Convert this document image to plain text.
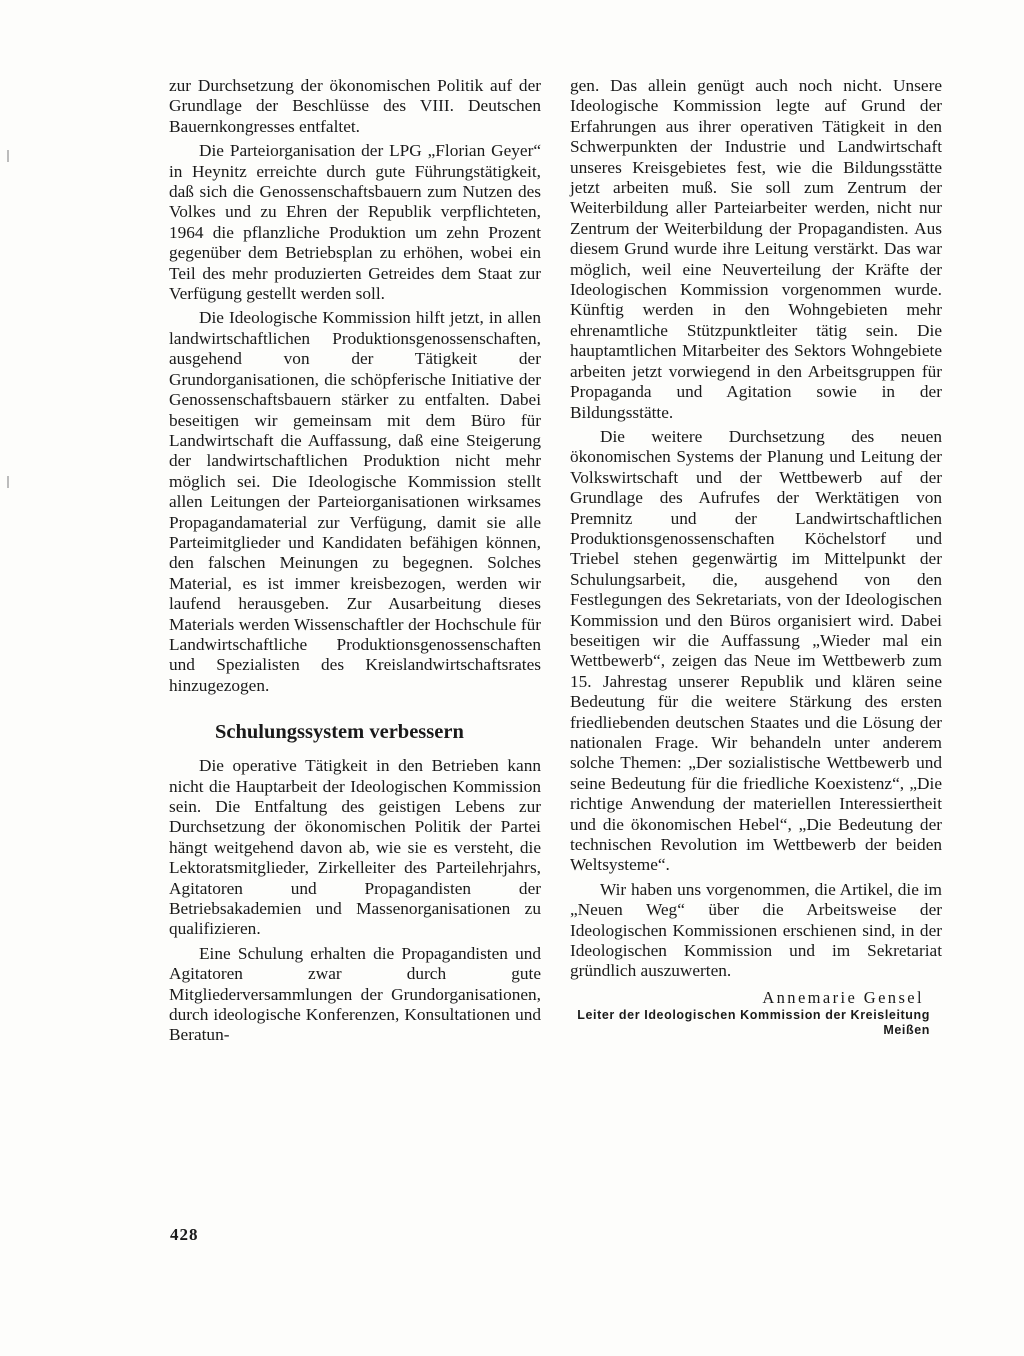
zur Durchsetzung der ökonomischen Politik auf der Grundlage der Beschlüsse des VIII. Deutschen Bauernkongresses entfaltet.

Die Parteiorganisation der LPG „Florian Geyer“ in Heynitz erreichte durch gute Führungstätigkeit, daß sich die Genossenschaftsbauern zum Nutzen des Volkes und zu Ehren der Republik verpflichteten, 1964 die pflanzliche Produktion um zehn Prozent gegenüber dem Betriebsplan zu erhöhen, wobei ein Teil des mehr produzierten Getreides dem Staat zur Verfügung gestellt werden soll.

Die Ideologische Kommission hilft jetzt, in allen landwirtschaftlichen Produktionsgenossenschaften, ausgehend von der Tätigkeit der Grundorganisationen, die schöpferische Initiative der Genossenschaftsbauern stärker zu entfalten. Dabei beseitigen wir gemeinsam mit dem Büro für Landwirtschaft die Auffassung, daß eine Steigerung der landwirtschaftlichen Produktion nicht mehr möglich sei. Die Ideologische Kommission stellt allen Leitungen der Parteiorganisationen wirksames Propagandamaterial zur Verfügung, damit sie alle Parteimitglieder und Kandidaten befähigen können, den falschen Meinungen zu begegnen. Solches Material, es ist immer kreisbezogen, werden wir laufend herausgeben. Zur Ausarbeitung dieses Materials werden Wissenschaftler der Hochschule für Landwirtschaftliche Produktionsgenossenschaften und Spezialisten des Kreislandwirtschaftsrates hinzugezogen.

Schulungssystem verbessern

Die operative Tätigkeit in den Betrieben kann nicht die Hauptarbeit der Ideologischen Kommission sein. Die Entfaltung des geistigen Lebens zur Durchsetzung der ökonomischen Politik der Partei hängt weitgehend davon ab, wie sie es versteht, die Lektoratsmitglieder, Zirkelleiter des Parteilehrjahrs, Agitatoren und Propagandisten der Betriebsakademien und Massenorganisationen zu qualifizieren.

Eine Schulung erhalten die Propagandisten und Agitatoren zwar durch gute Mitgliederversammlungen der Grundorganisationen, durch ideologische Konferenzen, Konsultationen und Beratun-

gen. Das allein genügt auch noch nicht. Unsere Ideologische Kommission legte auf Grund der Erfahrungen aus ihrer operativen Tätigkeit in den Schwerpunkten der Industrie und Landwirtschaft unseres Kreisgebietes fest, wie die Bildungsstätte jetzt arbeiten muß. Sie soll zum Zentrum der Weiterbildung aller Parteiarbeiter werden, nicht nur Zentrum der Weiterbildung der Propagandisten. Aus diesem Grund wurde ihre Leitung verstärkt. Das war möglich, weil eine Neuverteilung der Kräfte der Ideologischen Kommission vorgenommen wurde. Künftig werden in den Wohngebieten mehr ehrenamtliche Stützpunktleiter tätig sein. Die hauptamtlichen Mitarbeiter des Sektors Wohngebiete arbeiten jetzt vorwiegend in den Arbeitsgruppen für Propaganda und Agitation sowie in der Bildungsstätte.

Die weitere Durchsetzung des neuen ökonomischen Systems der Planung und Leitung der Volkswirtschaft und der Wettbewerb auf der Grundlage des Aufrufes der Werktätigen von Premnitz und der Landwirtschaftlichen Produktionsgenossenschaften Köchelstorf und Triebel stehen gegenwärtig im Mittelpunkt der Schulungsarbeit, die, ausgehend von den Festlegungen des Sekretariats, von der Ideologischen Kommission und den Büros organisiert wird. Dabei beseitigen wir die Auffassung „Wieder mal ein Wettbewerb“, zeigen das Neue im Wettbewerb zum 15. Jahrestag unserer Republik und klären seine Bedeutung für die weitere Stärkung des ersten friedliebenden deutschen Staates und die Lösung der nationalen Frage. Wir behandeln unter anderem solche Themen: „Der sozialistische Wettbewerb und seine Bedeutung für die friedliche Koexistenz“, „Die richtige Anwendung der materiellen Interessiertheit und die ökonomischen Hebel“, „Die Bedeutung der technischen Revolution im Wettbewerb der beiden Weltsysteme“.

Wir haben uns vorgenommen, die Artikel, die im „Neuen Weg“ über die Arbeitsweise der Ideologischen Kommissionen erschienen sind, in der Ideologischen Kommission und im Sekretariat gründlich auszuwerten.

Annemarie Gensel
Leiter der Ideologischen Kommission der Kreisleitung Meißen
428
